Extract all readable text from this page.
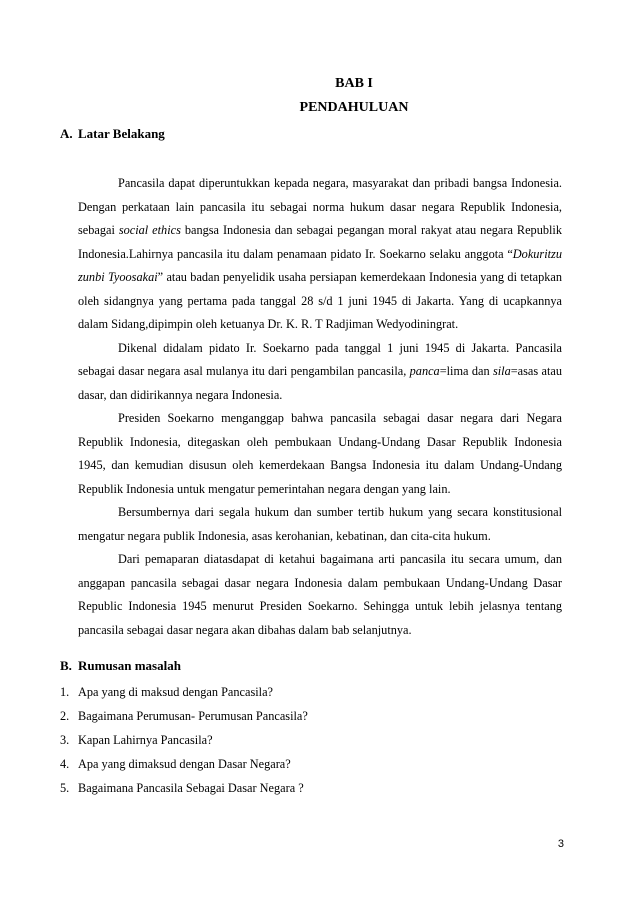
BAB I
PENDAHULUAN
A. Latar Belakang

Pancasila dapat diperuntukkan kepada negara, masyarakat dan pribadi bangsa Indonesia. Dengan perkataan lain pancasila itu sebagai norma hukum dasar negara Republik Indonesia, sebagai social ethics bangsa Indonesia dan sebagai pegangan moral rakyat atau negara Republik Indonesia.Lahirnya pancasila itu dalam penamaan pidato Ir. Soekarno selaku anggota “Dokuritzu zunbi Tyoosakai” atau badan penyelidik usaha persiapan kemerdekaan Indonesia yang di tetapkan oleh sidangnya yang pertama pada tanggal 28 s/d 1 juni 1945 di Jakarta. Yang di ucapkannya dalam Sidang,dipimpin oleh ketuanya Dr. K. R. T Radjiman Wedyodiningrat.

Dikenal didalam pidato Ir. Soekarno pada tanggal 1 juni 1945 di Jakarta. Pancasila sebagai dasar negara asal mulanya itu dari pengambilan pancasila, panca=lima dan sila=asas atau dasar, dan didirikannya negara Indonesia.

Presiden Soekarno menganggap bahwa pancasila sebagai dasar negara dari Negara Republik Indonesia, ditegaskan oleh pembukaan Undang-Undang Dasar Republik Indonesia 1945, dan kemudian disusun oleh kemerdekaan Bangsa Indonesia itu dalam Undang-Undang Republik Indonesia untuk mengatur pemerintahan negara dengan yang lain.

Bersumbernya dari segala hukum dan sumber tertib hukum yang secara konstitusional mengatur negara publik Indonesia, asas kerohanian, kebatinan, dan cita-cita hukum.

Dari pemaparan diatasdapat di ketahui bagaimana arti pancasila itu secara umum, dan anggapan pancasila sebagai dasar negara Indonesia dalam pembukaan Undang-Undang Dasar Republic Indonesia 1945 menurut Presiden Soekarno. Sehingga untuk lebih jelasnya tentang pancasila sebagai dasar negara akan dibahas dalam bab selanjutnya.

B. Rumusan masalah
1. Apa yang di maksud dengan Pancasila?
2. Bagaimana Perumusan- Perumusan Pancasila?
3. Kapan Lahirnya Pancasila?
4. Apa yang dimaksud dengan Dasar Negara?
5. Bagaimana Pancasila Sebagai Dasar Negara ?
3
